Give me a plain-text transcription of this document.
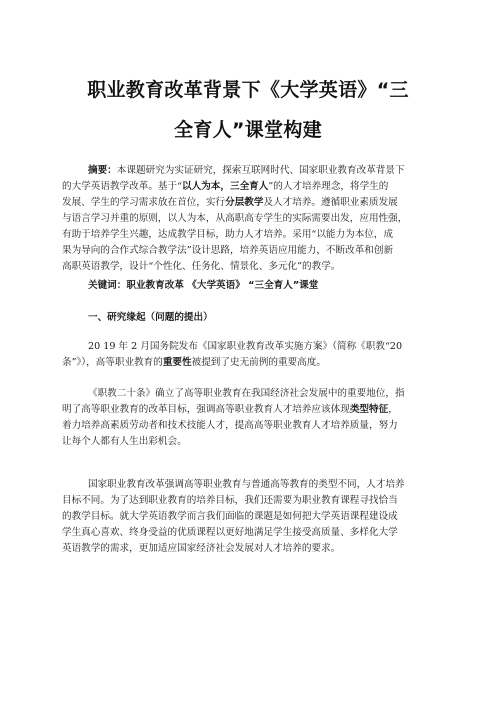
职业教育改革背景下《大学英语》“三
全育人”课堂构建
摘要：本课题研究为实证研究，探索互联网时代、国家职业教育改革背景下
的大学英语教学改革。基于“以人为本，三全育人”的人才培养理念，将学生的
发展、学生的学习需求放在首位，实行分层教学及人才培养。遵循职业素质发展
与语言学习并重的原则，以人为本，从高职高专学生的实际需要出发，应用性强，
有助于培养学生兴趣，达成教学目标，助力人才培养。采用“以能力为本位，成
果为导向的合作式综合教学法”设计思路，培养英语应用能力，不断改革和创新
高职英语教学，设计“个性化、任务化、情景化、多元化”的教学。
关键词：职业教育改革 《大学英语》 “三全育人”课堂
一、研究缘起（问题的提出）
20 19 年 2 月国务院发布《国家职业教育改革实施方案》（简称《职教“20
条”》），高等职业教育的重要性被提到了史无前例的重要高度。
《职教二十条》确立了高等职业教育在我国经济社会发展中的重要地位，指
明了高等职业教育的改革目标，强调高等职业教育人才培养应该体现类型特征，
着力培养高素质劳动者和技术技能人才，提高高等职业教育人才培养质量，努力
让每个人都有人生出彩机会。
国家职业教育改革强调高等职业教育与普通高等教育的类型不同，人才培养
目标不同。为了达到职业教育的培养目标，我们还需要为职业教育课程寻找恰当
的教学目标。就大学英语教学而言我们面临的课题是如何把大学英语课程建设成
学生真心喜欢、终身受益的优质课程以更好地满足学生接受高质量、多样化大学
英语教学的需求，更加适应国家经济社会发展对人才培养的要求。
